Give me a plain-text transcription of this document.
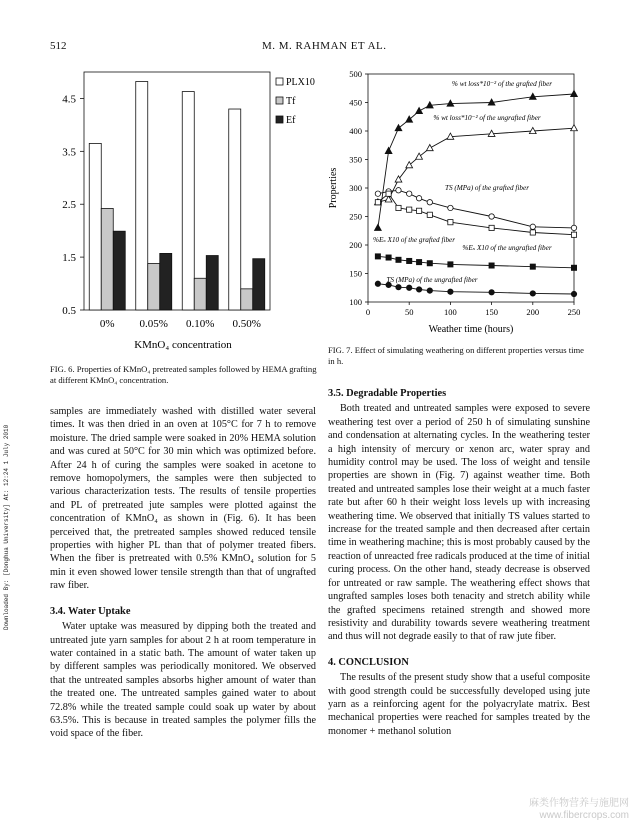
512	M. M. RAHMAN ET AL.
Downloaded By: [Donghua University] At: 12:24 1 July 2010
0.5
1.5
2.5
3.5
4.5
0% 0.05% 0.10% 0.50%
KMnO₄ concentration
PLX10
Tf
Ef
FIG. 6. Properties of KMnO₄ pretreated samples followed by HEMA grafting at different KMnO₄ concentration.
100
150
200
250
300
350
400
450
500
0	50	100	150	200	250
Weather time (hours)
Properties
% wt loss*10⁻² of the grafted fiber
% wt loss*10⁻² of the ungrafted fiber
TS (MPa) of the grafted fiber
%Eₛ X10 of the grafted fiber
%Eₛ X10 of the ungrafted fiber
TS (MPa) of the ungrafted fiber
FIG. 7. Effect of simulating weathering on different properties versus time in h.

samples are immediately washed with distilled water several times. It was then dried in an oven at 105°C for 7 h to remove moisture. The dried sample were soaked in 20% HEMA solution and was cured at 50°C for 30 min which was optimized before. After 24 h of curing the samples were soaked in acetone to remove homopolymers, the samples were then subjected to various characterization tests. The results of tensile properties and PL of pretreated jute samples were plotted against the concentration of KMnO₄ as shown in (Fig. 6). It has been perceived that, the pretreated samples showed reduced tensile properties with higher PL than that of polymer treated fibers. When the fiber is pretreated with 0.5% KMnO₄ solution for 5 min it even showed lower tensile strength than that of ungrafted raw fiber.

3.4. Water Uptake

Water uptake was measured by dipping both the treated and untreated jute yarn samples for about 2 h at room temperature in water contained in a static bath. The amount of water taken up by different samples was periodically monitored. We observed that the untreated samples absorbs higher amount of water than the treated one. The untreated samples gained water to about 72.8% while the treated sample could soak up water by about 63.5%. This is because in treated samples the polymer fills the void space of the fiber.

3.5. Degradable Properties

Both treated and untreated samples were exposed to severe weathering test over a period of 250 h of simulating sunshine and condensation at alternating cycles. In the weathering tester a high intensity of mercury or xenon arc, water spray and humidity control may be used. The loss of weight and tensile properties are shown in (Fig. 7) against weather time. Both treated and untreated samples lose their weight at a much faster rate but after 60 h their weight loss levels up with increasing weathering time. We observed that initially TS values started to increase for the treated sample and then decreased after certain time in weathering machine; this is most probably caused by the reaction of unreacted free radicals produced at the time of initial curing process. On the other hand, steady decrease is observed for untreated or raw sample. The weathering effect shows that ungrafted samples loses both tenacity and stretch ability while the grafted specimens retained strength and showed more resistivity and durability towards severe weathering treatment and thus will not degrade easily to that of raw jute fiber.

4. CONCLUSION

The results of the present study show that a useful composite with good strength could be successfully developed using jute yarn as a reinforcing agent for the polyacrylate matrix. Best mechanical properties were reached for samples treated by the monomer + methanol solution

麻类作物营养与施肥网
www.fibercrops.com
